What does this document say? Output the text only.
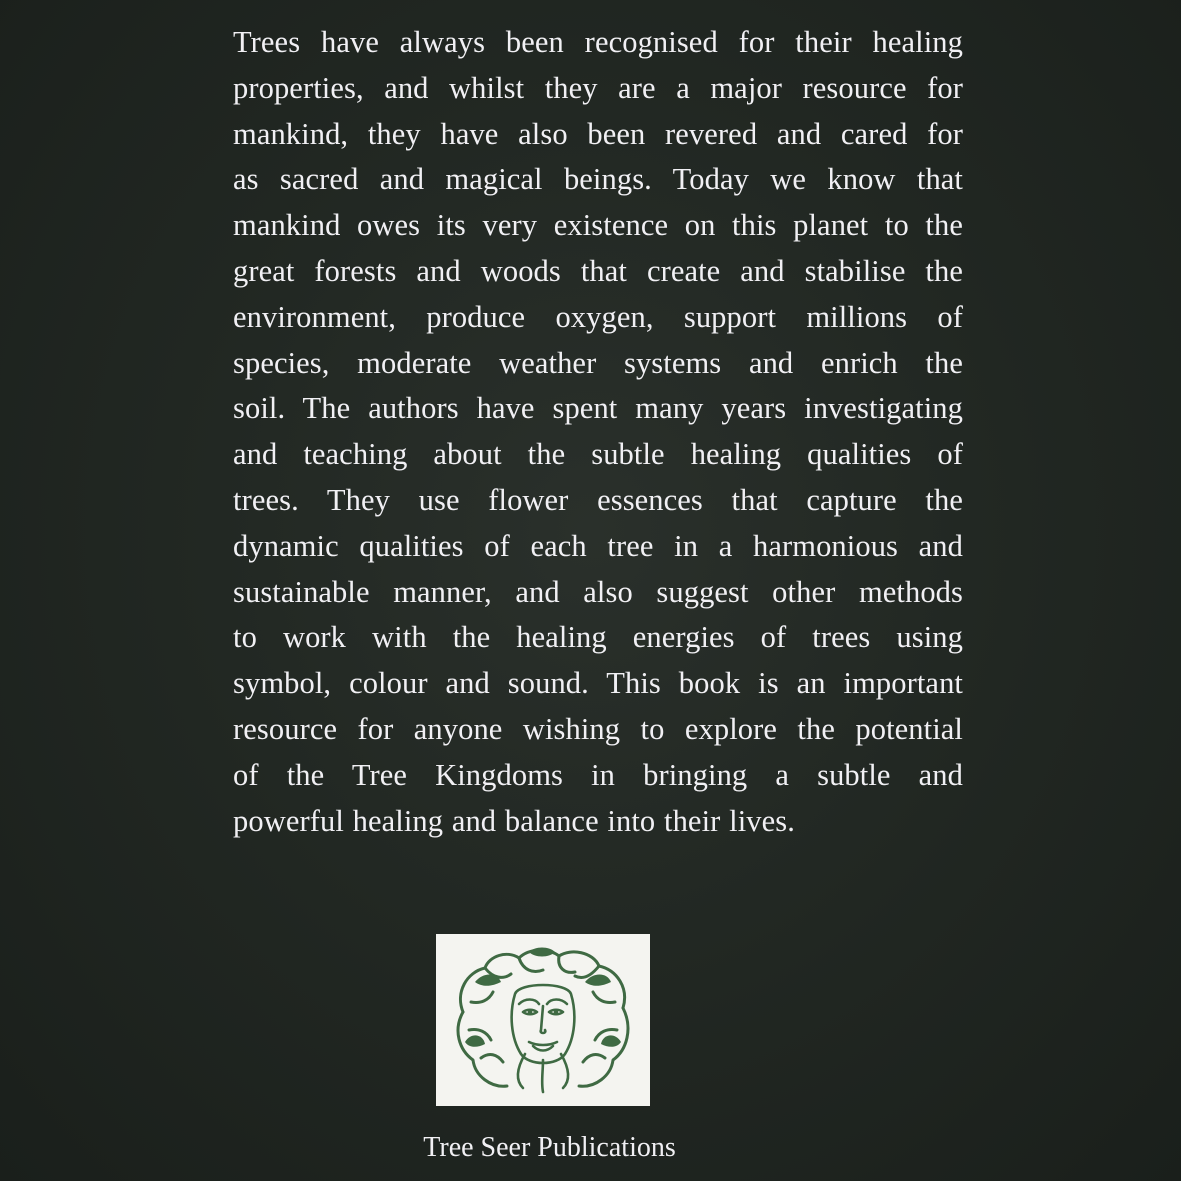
Trees have always been recognised for their healing
properties, and whilst they are a major resource for
mankind, they have also been revered and cared for
as sacred and magical beings. Today we know that
mankind owes its very existence on this planet to the
great forests and woods that create and stabilise the
environment, produce oxygen, support millions of
species, moderate weather systems and enrich the
soil. The authors have spent many years investigating
and teaching about the subtle healing qualities of
trees. They use flower essences that capture the
dynamic qualities of each tree in a harmonious and
sustainable manner, and also suggest other methods
to work with the healing energies of trees using
symbol, colour and sound. This book is an important
resource for anyone wishing to explore the potential
of the Tree Kingdoms in bringing a subtle and
powerful healing and balance into their lives.
Tree Seer Publications
